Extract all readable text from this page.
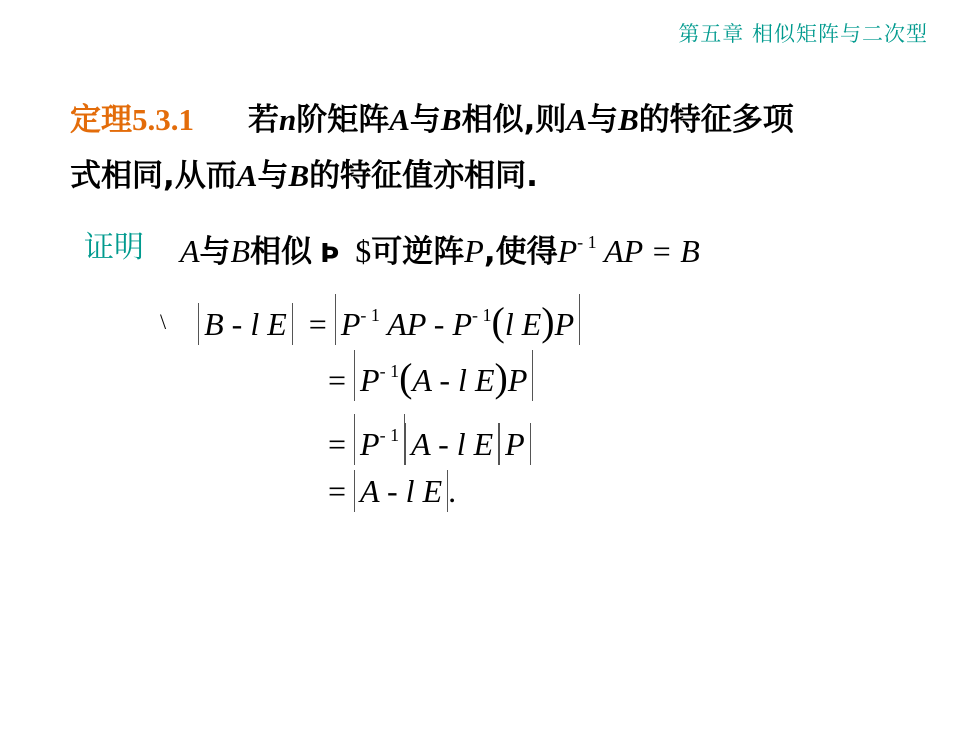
第五章 相似矩阵与二次型
定理5.3.1 若n阶矩阵A与B相似,则A与B的特征多项
式相同,从而A与B的特征值亦相同.
证明 A与B相似 Þ $可逆阵P,使得$P^{- 1}$ AP = B
\ B - l $E = P^{- 1}$ AP - $P^{- 1}(l$ E)P
= $P^{- 1}(A$ - l E)P
= $P^{- 1}$ A - l E P
= A - l E .
